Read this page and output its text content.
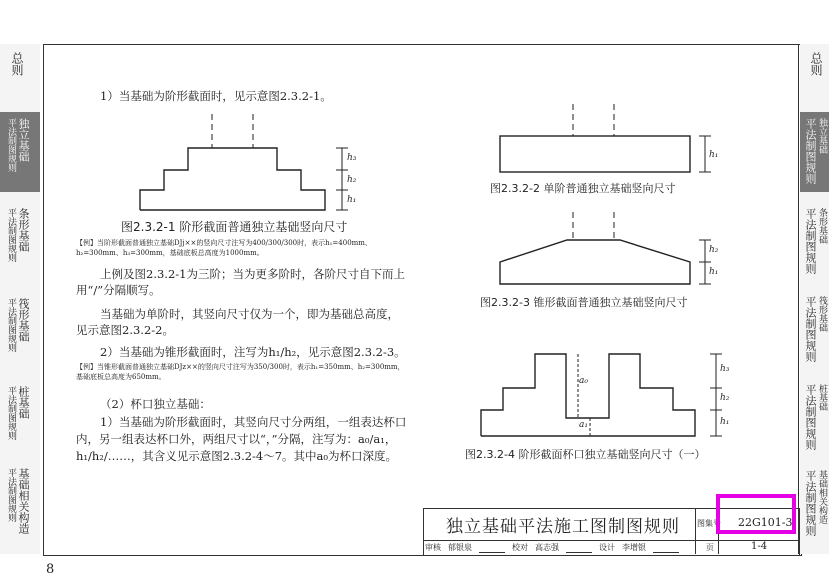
总则
平法制图规则 独立基础
平法制图规则 条形基础
平法制图规则 筏形基础
平法制图规则 桩基础
平法制图规则 基础相关构造
总则
平法制图规则 独立基础
平法制图规则 条形基础
平法制图规则 筏形基础
平法制图规则 桩基础
平法制图规则 基础相关构造
1）当基础为阶形截面时，见示意图2.3.2-1。
h₃
h₂
h₁
图2.3.2-1 阶形截面普通独立基础竖向尺寸
【例】当阶形截面普通独立基础DJj××的竖向尺寸注写为400/300/300时，表示h₁=400mm、h₂=300mm、h₃=300mm，基础底板总高度为1000mm。
上例及图2.3.2-1为三阶；当为更多阶时，各阶尺寸自下而上用“/”分隔顺写。
当基础为单阶时，其竖向尺寸仅为一个，即为基础总高度，见示意图2.3.2-2。
2）当基础为锥形截面时，注写为h₁/h₂，见示意图2.3.2-3。
【例】当锥形截面普通独立基础DJz××的竖向尺寸注写为350/300时，表示h₁=350mm、h₂=300mm，基础底板总高度为650mm。
（2）杯口独立基础：
1）当基础为阶形截面时，其竖向尺寸分两组，一组表达杯口内，另一组表达杯口外，两组尺寸以“，”分隔，注写为：a₀/a₁，h₁/h₂/……，其含义见示意图2.3.2-4～7。其中a₀为杯口深度。
h₁
图2.3.2-2 单阶普通独立基础竖向尺寸
h₂
h₁
图2.3.2-3 锥形截面普通独立基础竖向尺寸
a₀
a₁
h₃
h₂
h₁
图2.3.2-4 阶形截面杯口独立基础竖向尺寸（一）
独立基础平法施工图制图规则 图集号 22G101-3
审核 郁银泉	校对 高志强	设计 李增银	页	1-4
8
